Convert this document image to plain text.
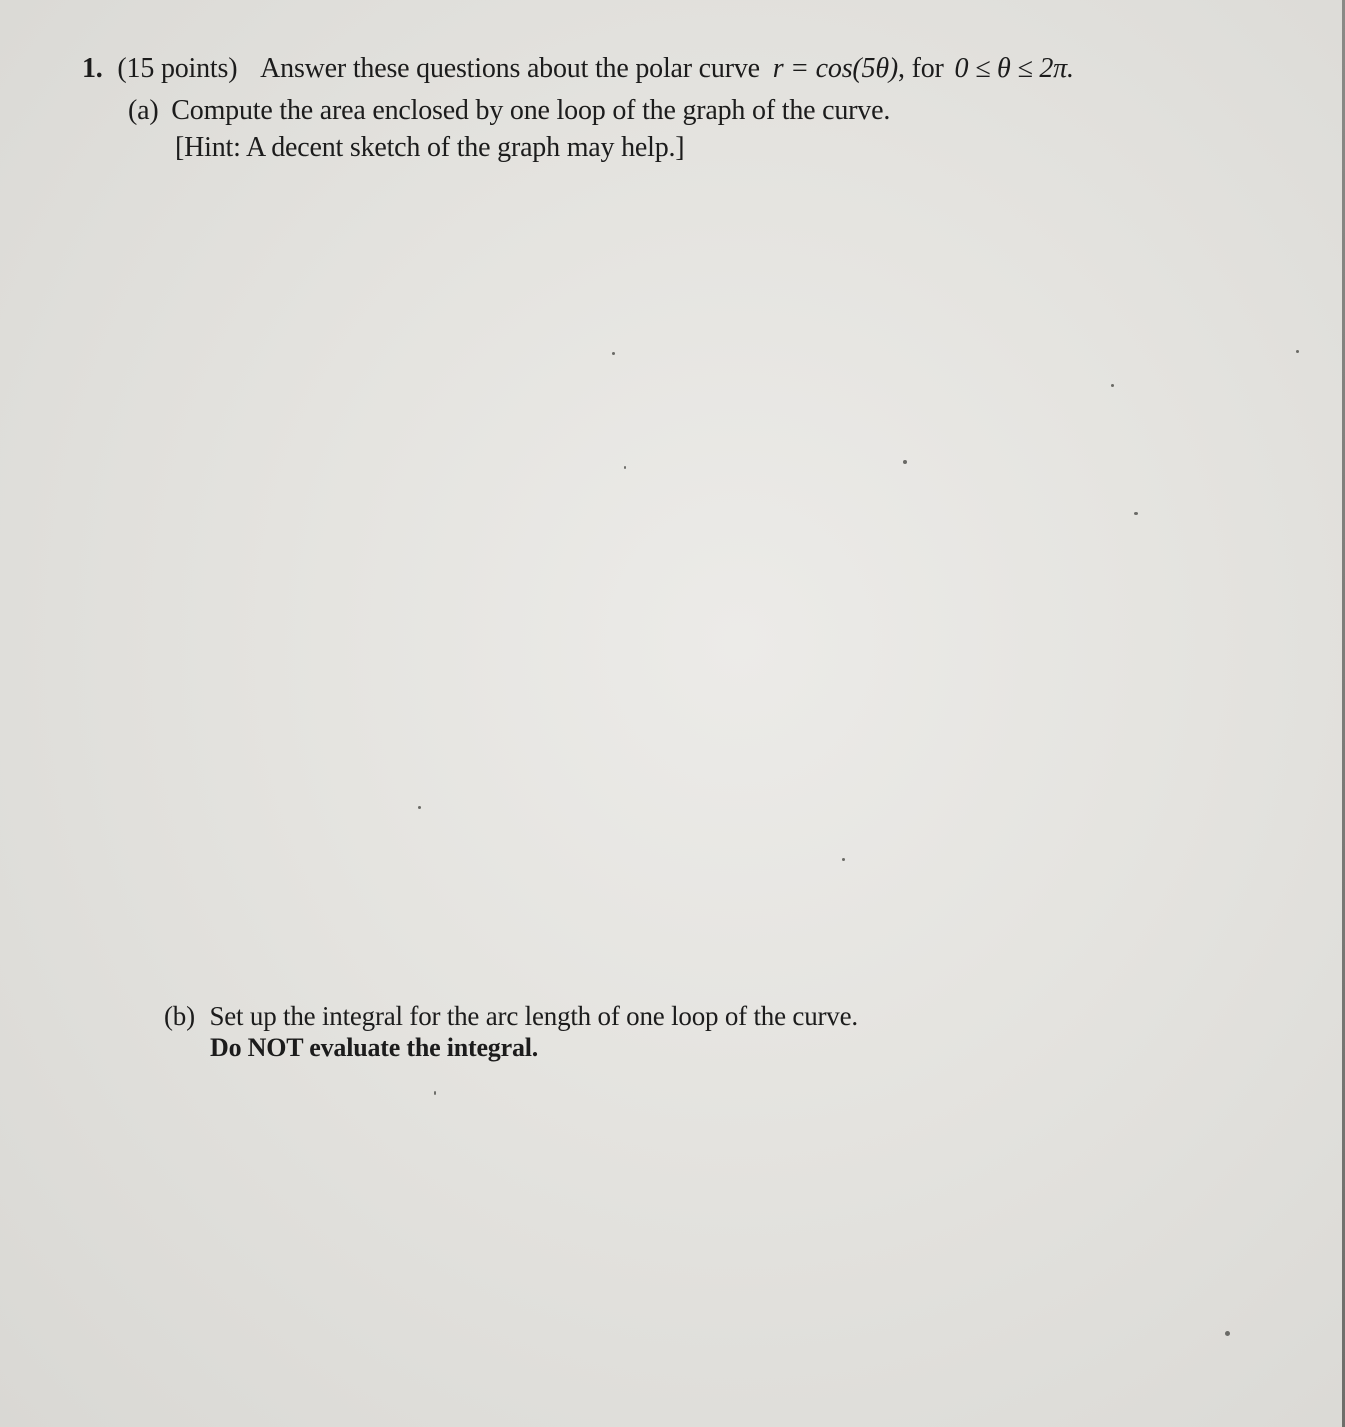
1. (15 points) Answer these questions about the polar curve r = cos(5θ), for 0 ≤ θ ≤ 2π.
(a) Compute the area enclosed by one loop of the graph of the curve.
[Hint: A decent sketch of the graph may help.]
(b) Set up the integral for the arc length of one loop of the curve.
Do NOT evaluate the integral.
